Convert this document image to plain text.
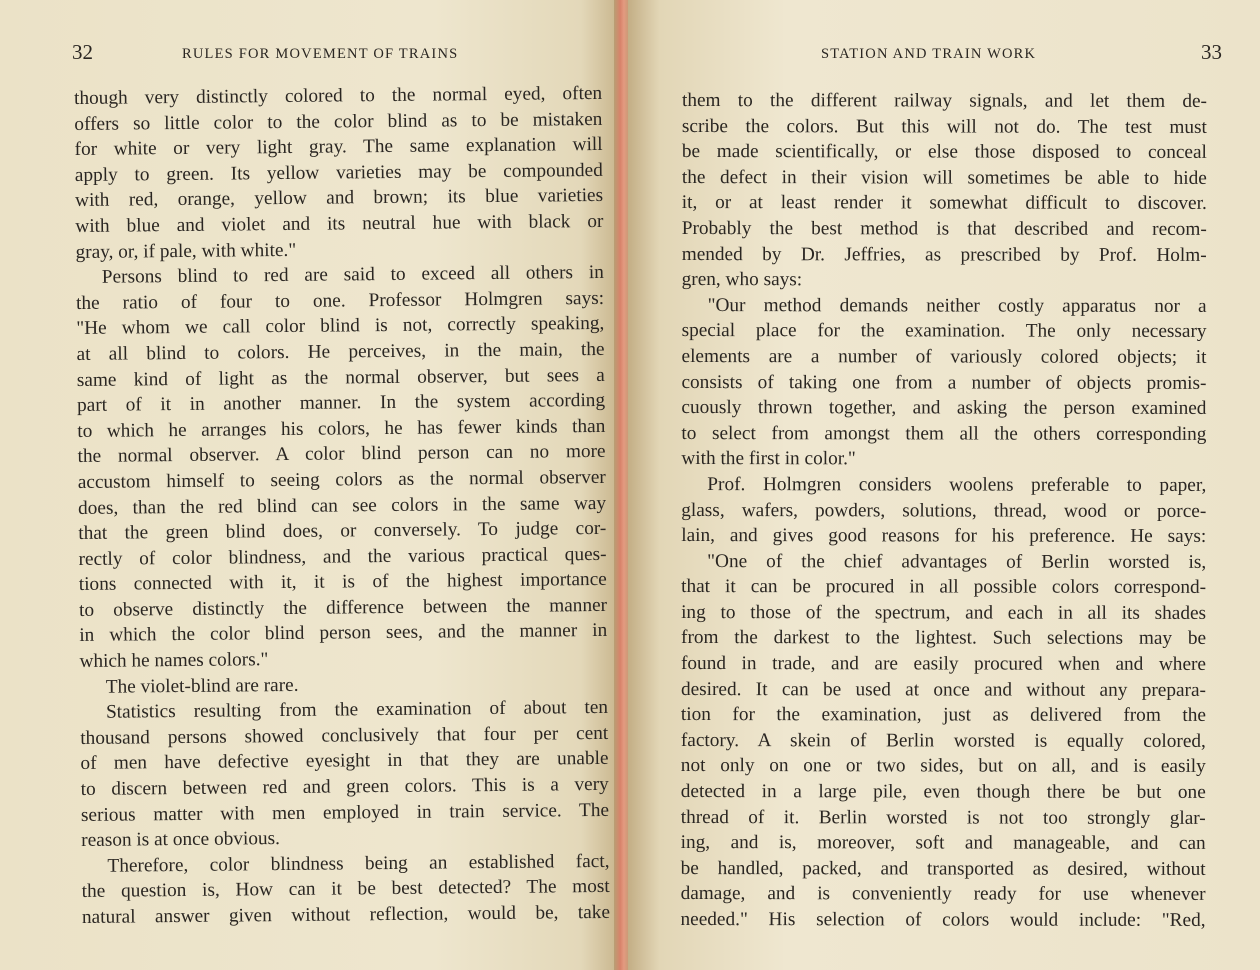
32	RULES FOR MOVEMENT OF TRAINS
though very distinctly colored to the normal eyed, often
offers so little color to the color blind as to be mistaken
for white or very light gray. The same explanation will
apply to green. Its yellow varieties may be compounded
with red, orange, yellow and brown; its blue varieties
with blue and violet and its neutral hue with black or
gray, or, if pale, with white."
Persons blind to red are said to exceed all others in
the ratio of four to one. Professor Holmgren says:
"He whom we call color blind is not, correctly speaking,
at all blind to colors. He perceives, in the main, the
same kind of light as the normal observer, but sees a
part of it in another manner. In the system according
to which he arranges his colors, he has fewer kinds than
the normal observer. A color blind person can no more
accustom himself to seeing colors as the normal observer
does, than the red blind can see colors in the same way
that the green blind does, or conversely. To judge cor-
rectly of color blindness, and the various practical ques-
tions connected with it, it is of the highest importance
to observe distinctly the difference between the manner
in which the color blind person sees, and the manner in
which he names colors."
The violet-blind are rare.
Statistics resulting from the examination of about ten
thousand persons showed conclusively that four per cent
of men have defective eyesight in that they are unable
to discern between red and green colors. This is a very
serious matter with men employed in train service. The
reason is at once obvious.
Therefore, color blindness being an established fact,
the question is, How can it be best detected? The most
natural answer given without reflection, would be, take
STATION AND TRAIN WORK	33
them to the different railway signals, and let them de-
scribe the colors. But this will not do. The test must
be made scientifically, or else those disposed to conceal
the defect in their vision will sometimes be able to hide
it, or at least render it somewhat difficult to discover.
Probably the best method is that described and recom-
mended by Dr. Jeffries, as prescribed by Prof. Holm-
gren, who says:
"Our method demands neither costly apparatus nor a
special place for the examination. The only necessary
elements are a number of variously colored objects; it
consists of taking one from a number of objects promis-
cuously thrown together, and asking the person examined
to select from amongst them all the others corresponding
with the first in color."
Prof. Holmgren considers woolens preferable to paper,
glass, wafers, powders, solutions, thread, wood or porce-
lain, and gives good reasons for his preference. He says:
"One of the chief advantages of Berlin worsted is,
that it can be procured in all possible colors correspond-
ing to those of the spectrum, and each in all its shades
from the darkest to the lightest. Such selections may be
found in trade, and are easily procured when and where
desired. It can be used at once and without any prepara-
tion for the examination, just as delivered from the
factory. A skein of Berlin worsted is equally colored,
not only on one or two sides, but on all, and is easily
detected in a large pile, even though there be but one
thread of it. Berlin worsted is not too strongly glar-
ing, and is, moreover, soft and manageable, and can
be handled, packed, and transported as desired, without
damage, and is conveniently ready for use whenever
needed." His selection of colors would include: "Red,
